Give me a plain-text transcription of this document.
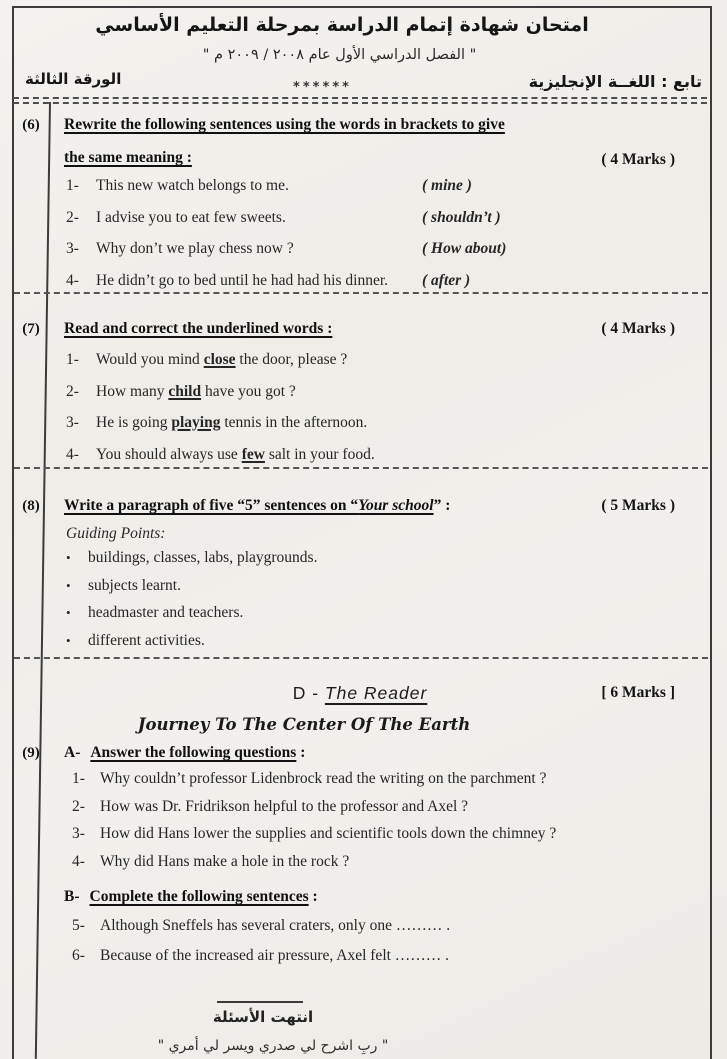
امتحان شهادة إتمام الدراسة بمرحلة التعليم الأساسي
" الفصل الدراسي الأول عام ٢٠٠٨ / ٢٠٠٩ م "
تابع : اللغــة الإنجليزية
******
الورقة الثالثة
(6)	Rewrite the following sentences using the words in brackets to give
the same meaning :	( 4 Marks )
1-	This new watch belongs to me.	( mine )
2-	I advise you to eat few sweets.	( shouldn’t )
3-	Why don’t we play chess now ?	( How about)
4-	He didn’t go to bed until he had had his dinner.	( after )
(7)	Read and correct the underlined words :	( 4 Marks )
1-	Would you mind close the door, please ?
2-	How many child have you got ?
3-	He is going playing tennis in the afternoon.
4-	You should always use few salt in your food.
(8)	Write a paragraph of five “5” sentences on “Your school” :	( 5 Marks )
Guiding Points:
•	buildings, classes, labs, playgrounds.
•	subjects learnt.
•	headmaster and teachers.
•	different activities.
D - The Reader	[ 6 Marks ]
Journey To The Center Of The Earth
(9)	A- Answer the following questions :
1- Why couldn’t professor Lidenbrock read the writing on the parchment ?
2- How was Dr. Fridrikson helpful to the professor and Axel ?
3- How did Hans lower the supplies and scientific tools down the chimney ?
4- Why did Hans make a hole in the rock ?
B- Complete the following sentences :
5- Although Sneffels has several craters, only one ……… .
6- Because of the increased air pressure, Axel felt ……… .
انتهت الأسئلة
" ربِ اشرح لي صدري ويسر لي أمري "
